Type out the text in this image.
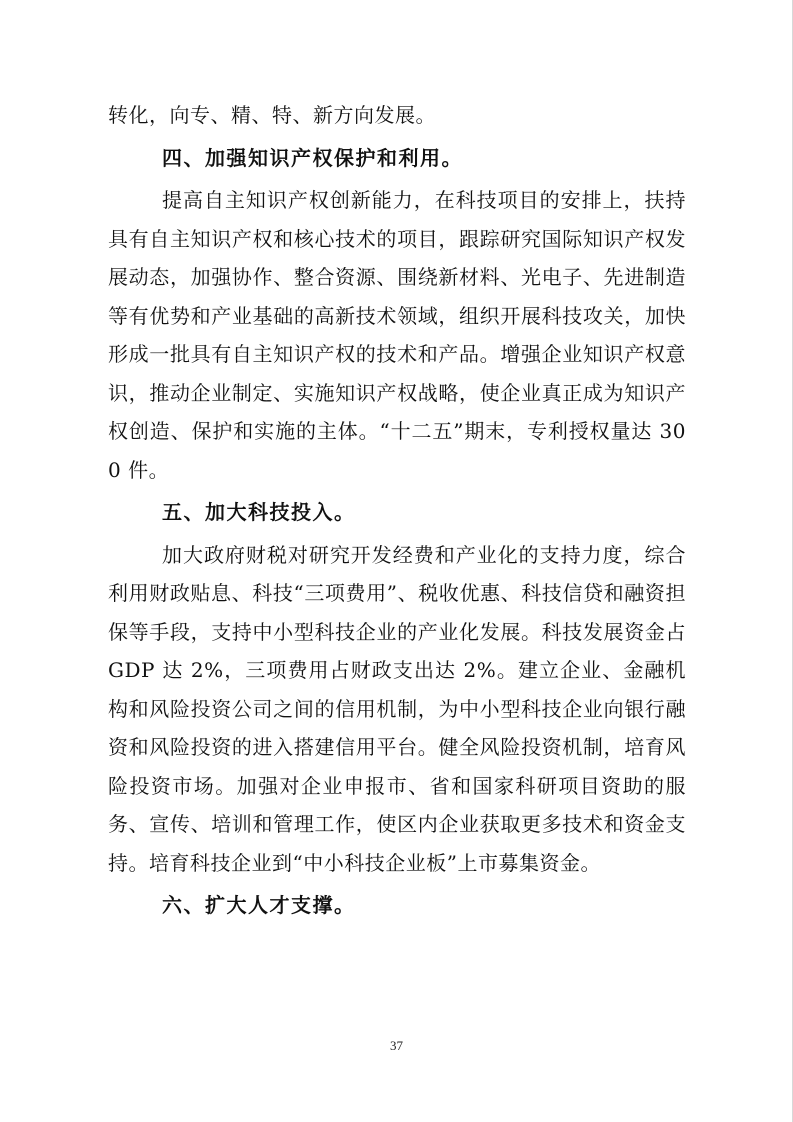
转化，向专、精、特、新方向发展。

四、加强知识产权保护和利用。

提高自主知识产权创新能力，在科技项目的安排上，扶持具有自主知识产权和核心技术的项目，跟踪研究国际知识产权发展动态，加强协作、整合资源、围绕新材料、光电子、先进制造等有优势和产业基础的高新技术领域，组织开展科技攻关，加快形成一批具有自主知识产权的技术和产品。增强企业知识产权意识，推动企业制定、实施知识产权战略，使企业真正成为知识产权创造、保护和实施的主体。“十二五”期末，专利授权量达 300 件。

五、加大科技投入。

加大政府财税对研究开发经费和产业化的支持力度，综合利用财政贴息、科技“三项费用”、税收优惠、科技信贷和融资担保等手段，支持中小型科技企业的产业化发展。科技发展资金占 GDP 达 2%，三项费用占财政支出达 2%。建立企业、金融机构和风险投资公司之间的信用机制，为中小型科技企业向银行融资和风险投资的进入搭建信用平台。健全风险投资机制，培育风险投资市场。加强对企业申报市、省和国家科研项目资助的服务、宣传、培训和管理工作，使区内企业获取更多技术和资金支持。培育科技企业到“中小科技企业板”上市募集资金。

六、扩大人才支撑。

37
